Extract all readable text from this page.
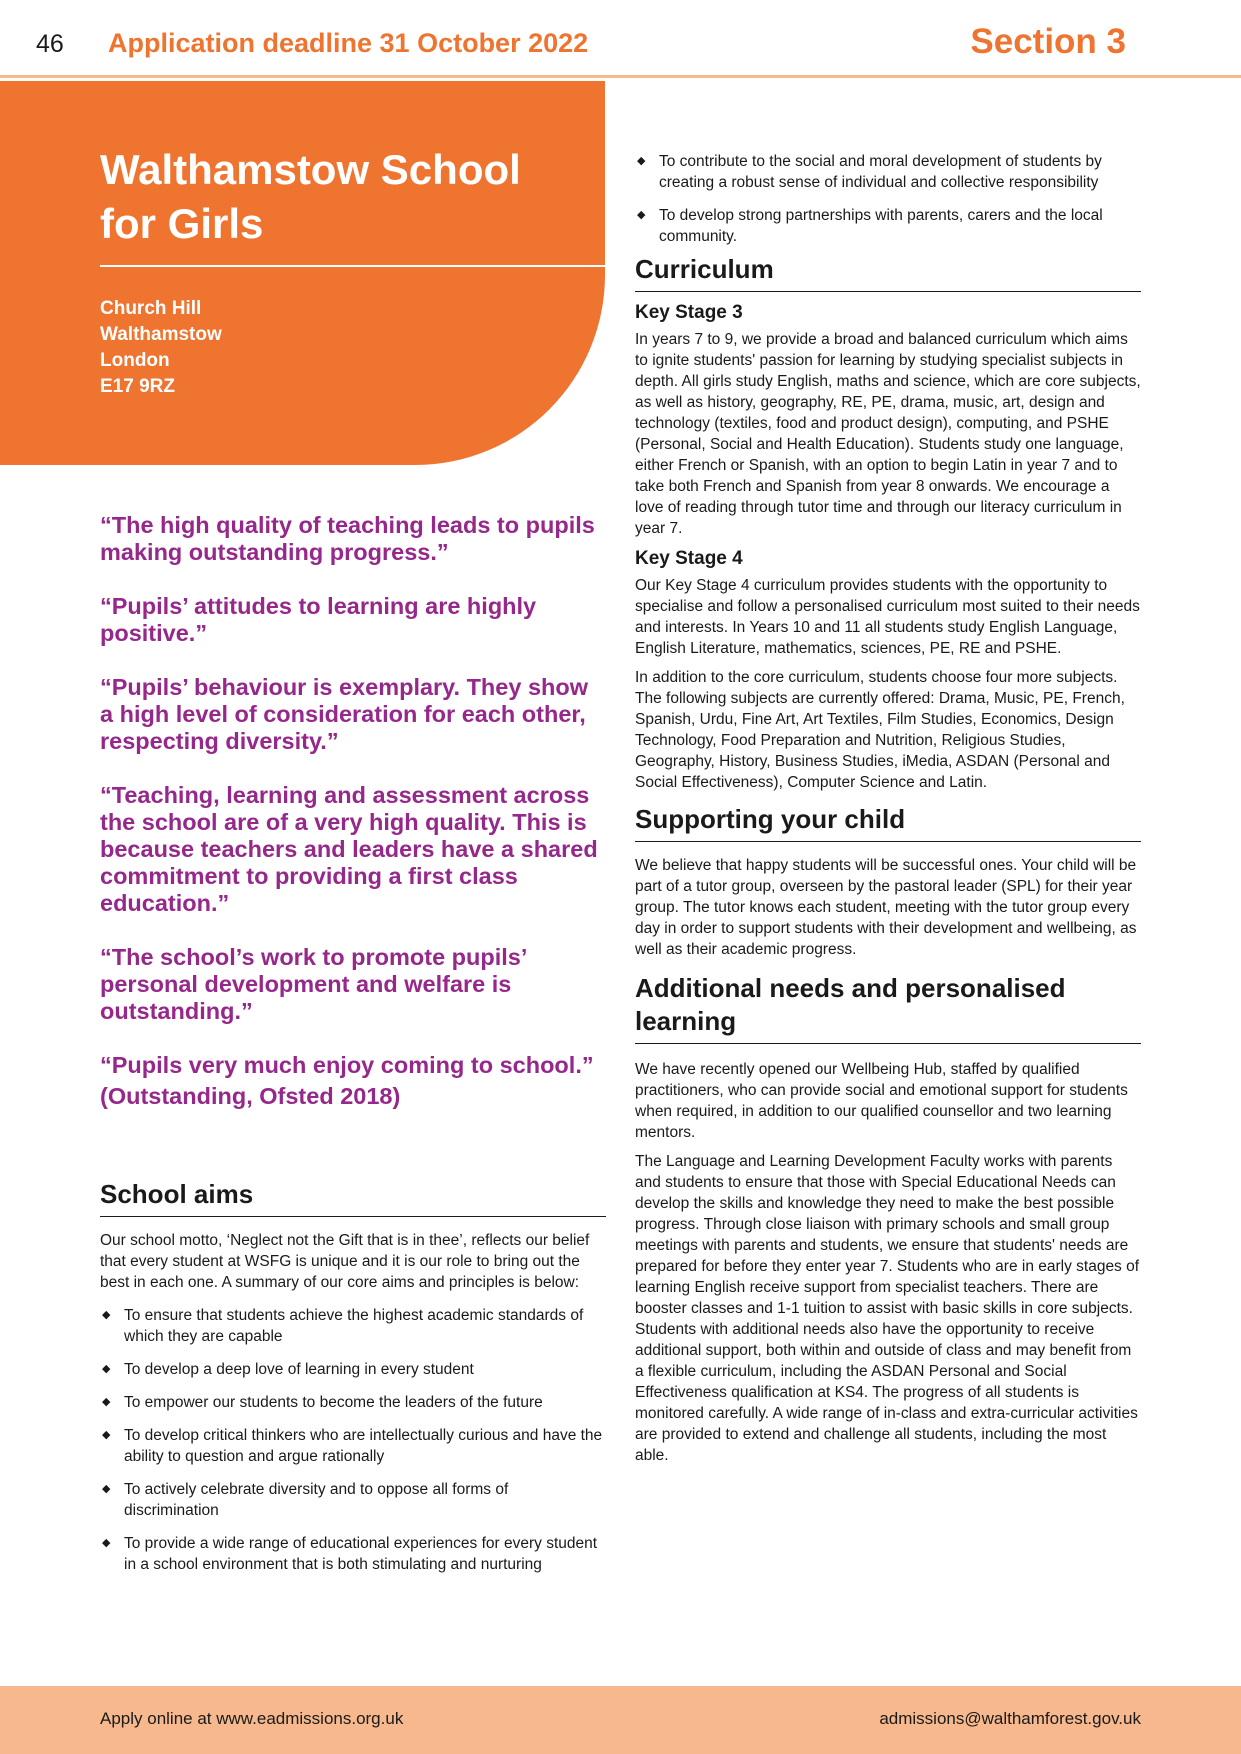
46 Application deadline 31 October 2022	Section 3
Walthamstow School for Girls
Church Hill
Walthamstow
London
E17 9RZ

“The high quality of teaching leads to pupils making outstanding progress.”

“Pupils’ attitudes to learning are highly positive.”

“Pupils’ behaviour is exemplary. They show a high level of consideration for each other, respecting diversity.”

“Teaching, learning and assessment across the school are of a very high quality. This is because teachers and leaders have a shared commitment to providing a first class education.”

“The school’s work to promote pupils’ personal development and welfare is outstanding.”

“Pupils very much enjoy coming to school.”

(Outstanding, Ofsted 2018)
School aims

Our school motto, ‘Neglect not the Gift that is in thee’, reflects our belief that every student at WSFG is unique and it is our role to bring out the best in each one. A summary of our core aims and principles is below:

◆ To ensure that students achieve the highest academic standards of which they are capable
◆ To develop a deep love of learning in every student
◆ To empower our students to become the leaders of the future
◆ To develop critical thinkers who are intellectually curious and have the ability to question and argue rationally
◆ To actively celebrate diversity and to oppose all forms of discrimination
◆ To provide a wide range of educational experiences for every student in a school environment that is both stimulating and nurturing
◆ To contribute to the social and moral development of students by creating a robust sense of individual and collective responsibility
◆ To develop strong partnerships with parents, carers and the local community.
Curriculum
Key Stage 3

In years 7 to 9, we provide a broad and balanced curriculum which aims to ignite students' passion for learning by studying specialist subjects in depth. All girls study English, maths and science, which are core subjects, as well as history, geography, RE, PE, drama, music, art, design and technology (textiles, food and product design), computing, and PSHE (Personal, Social and Health Education). Students study one language, either French or Spanish, with an option to begin Latin in year 7 and to take both French and Spanish from year 8 onwards. We encourage a love of reading through tutor time and through our literacy curriculum in year 7.

Key Stage 4

Our Key Stage 4 curriculum provides students with the opportunity to specialise and follow a personalised curriculum most suited to their needs and interests. In Years 10 and 11 all students study English Language, English Literature, mathematics, sciences, PE, RE and PSHE.

In addition to the core curriculum, students choose four more subjects. The following subjects are currently offered: Drama, Music, PE, French, Spanish, Urdu, Fine Art, Art Textiles, Film Studies, Economics, Design Technology, Food Preparation and Nutrition, Religious Studies, Geography, History, Business Studies, iMedia, ASDAN (Personal and Social Effectiveness), Computer Science and Latin.

Supporting your child

We believe that happy students will be successful ones. Your child will be part of a tutor group, overseen by the pastoral leader (SPL) for their year group. The tutor knows each student, meeting with the tutor group every day in order to support students with their development and wellbeing, as well as their academic progress.

Additional needs and personalised learning

We have recently opened our Wellbeing Hub, staffed by qualified practitioners, who can provide social and emotional support for students when required, in addition to our qualified counsellor and two learning mentors.

The Language and Learning Development Faculty works with parents and students to ensure that those with Special Educational Needs can develop the skills and knowledge they need to make the best possible progress. Through close liaison with primary schools and small group meetings with parents and students, we ensure that students' needs are prepared for before they enter year 7. Students who are in early stages of learning English receive support from specialist teachers. There are booster classes and 1-1 tuition to assist with basic skills in core subjects. Students with additional needs also have the opportunity to receive additional support, both within and outside of class and may benefit from a flexible curriculum, including the ASDAN Personal and Social Effectiveness qualification at KS4. The progress of all students is monitored carefully. A wide range of in-class and extra-curricular activities are provided to extend and challenge all students, including the most able.

Apply online at www.eadmissions.org.uk	admissions@walthamforest.gov.uk
